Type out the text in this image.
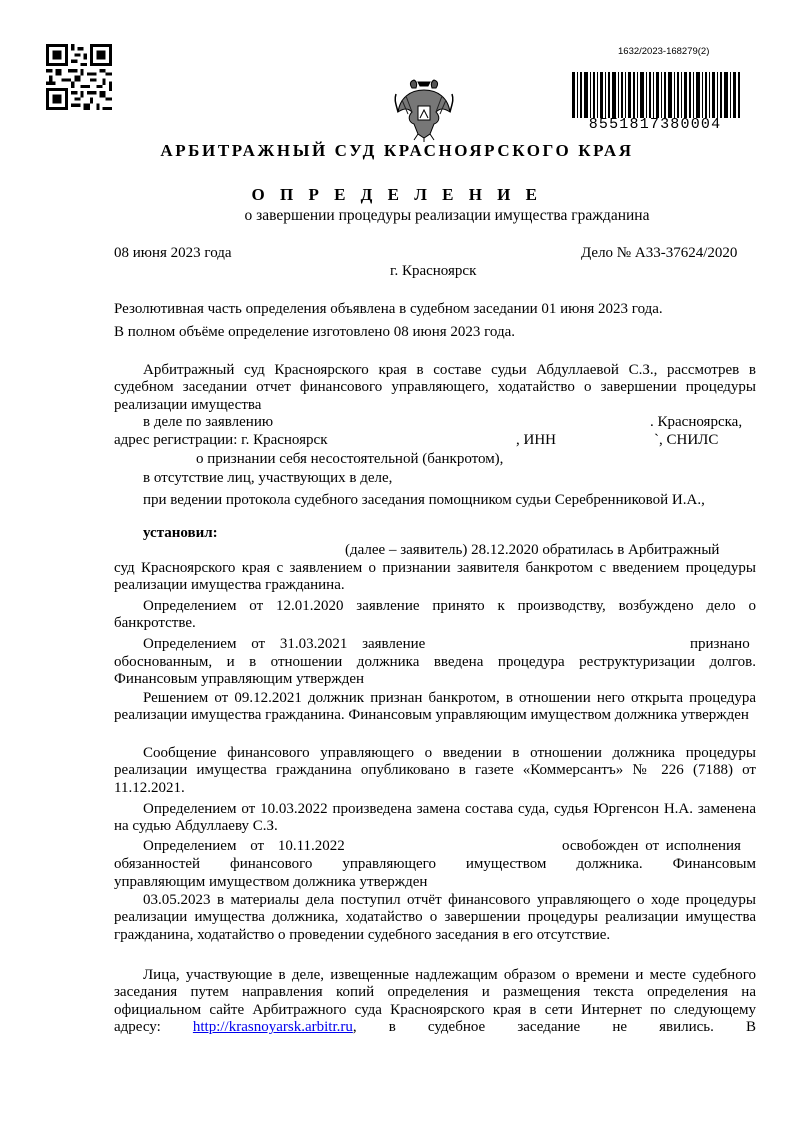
1632/2023-168279(2)
8551817380004
АРБИТРАЖНЫЙ СУД КРАСНОЯРСКОГО КРАЯ
О П Р Е Д Е Л Е Н И Е
о завершении процедуры реализации имущества гражданина
08 июня 2023 года	Дело № А33-37624/2020
г. Красноярск
Резолютивная часть определения объявлена в судебном заседании 01 июня 2023 года.
В полном объёме определение изготовлено 08 июня 2023 года.
Арбитражный суд Красноярского края в составе судьи Абдуллаевой С.З., рассмотрев в судебном заседании отчет финансового управляющего, ходатайство о завершении процедуры реализации имущества
в деле по заявлению	. Красноярска,
адрес регистрации: г. Красноярск	, ИНН	`, СНИЛС
о признании себя несостоятельной (банкротом),
в отсутствие лиц, участвующих в деле,
при ведении протокола судебного заседания помощником судьи Серебренниковой И.А.,
установил:
(далее – заявитель) 28.12.2020 обратилась в Арбитражный
суд Красноярского края с заявлением о признании заявителя банкротом с введением процедуры реализации имущества гражданина.
Определением от 12.01.2020 заявление принято к производству, возбуждено дело о банкротстве.
Определением от 31.03.2021 заявление	признано
обоснованным, и в отношении должника введена процедура реструктуризации долгов.
Финансовым управляющим утвержден
Решением от 09.12.2021 должник признан банкротом, в отношении него открыта процедура реализации имущества гражданина. Финансовым управляющим имуществом должника утвержден
Сообщение финансового управляющего о введении в отношении должника процедуры реализации имущества гражданина опубликовано в газете «Коммерсантъ» № 226 (7188) от 11.12.2021.
Определением от 10.03.2022 произведена замена состава суда, судья Юргенсон Н.А. заменена на судью Абдуллаеву С.З.
Определением от 10.11.2022	освобожден от исполнения
обязанностей финансового управляющего имуществом должника. Финансовым
управляющим имуществом должника утвержден
03.05.2023 в материалы дела поступил отчёт финансового управляющего о ходе процедуры реализации имущества должника, ходатайство о завершении процедуры реализации имущества гражданина, ходатайство о проведении судебного заседания в его отсутствие.
Лица, участвующие в деле, извещенные надлежащим образом о времени и месте судебного заседания путем направления копий определения и размещения текста определения на официальном сайте Арбитражного суда Красноярского края в сети Интернет по следующему адресу: http://krasnoyarsk.arbitr.ru, в судебное заседание не явились. В
